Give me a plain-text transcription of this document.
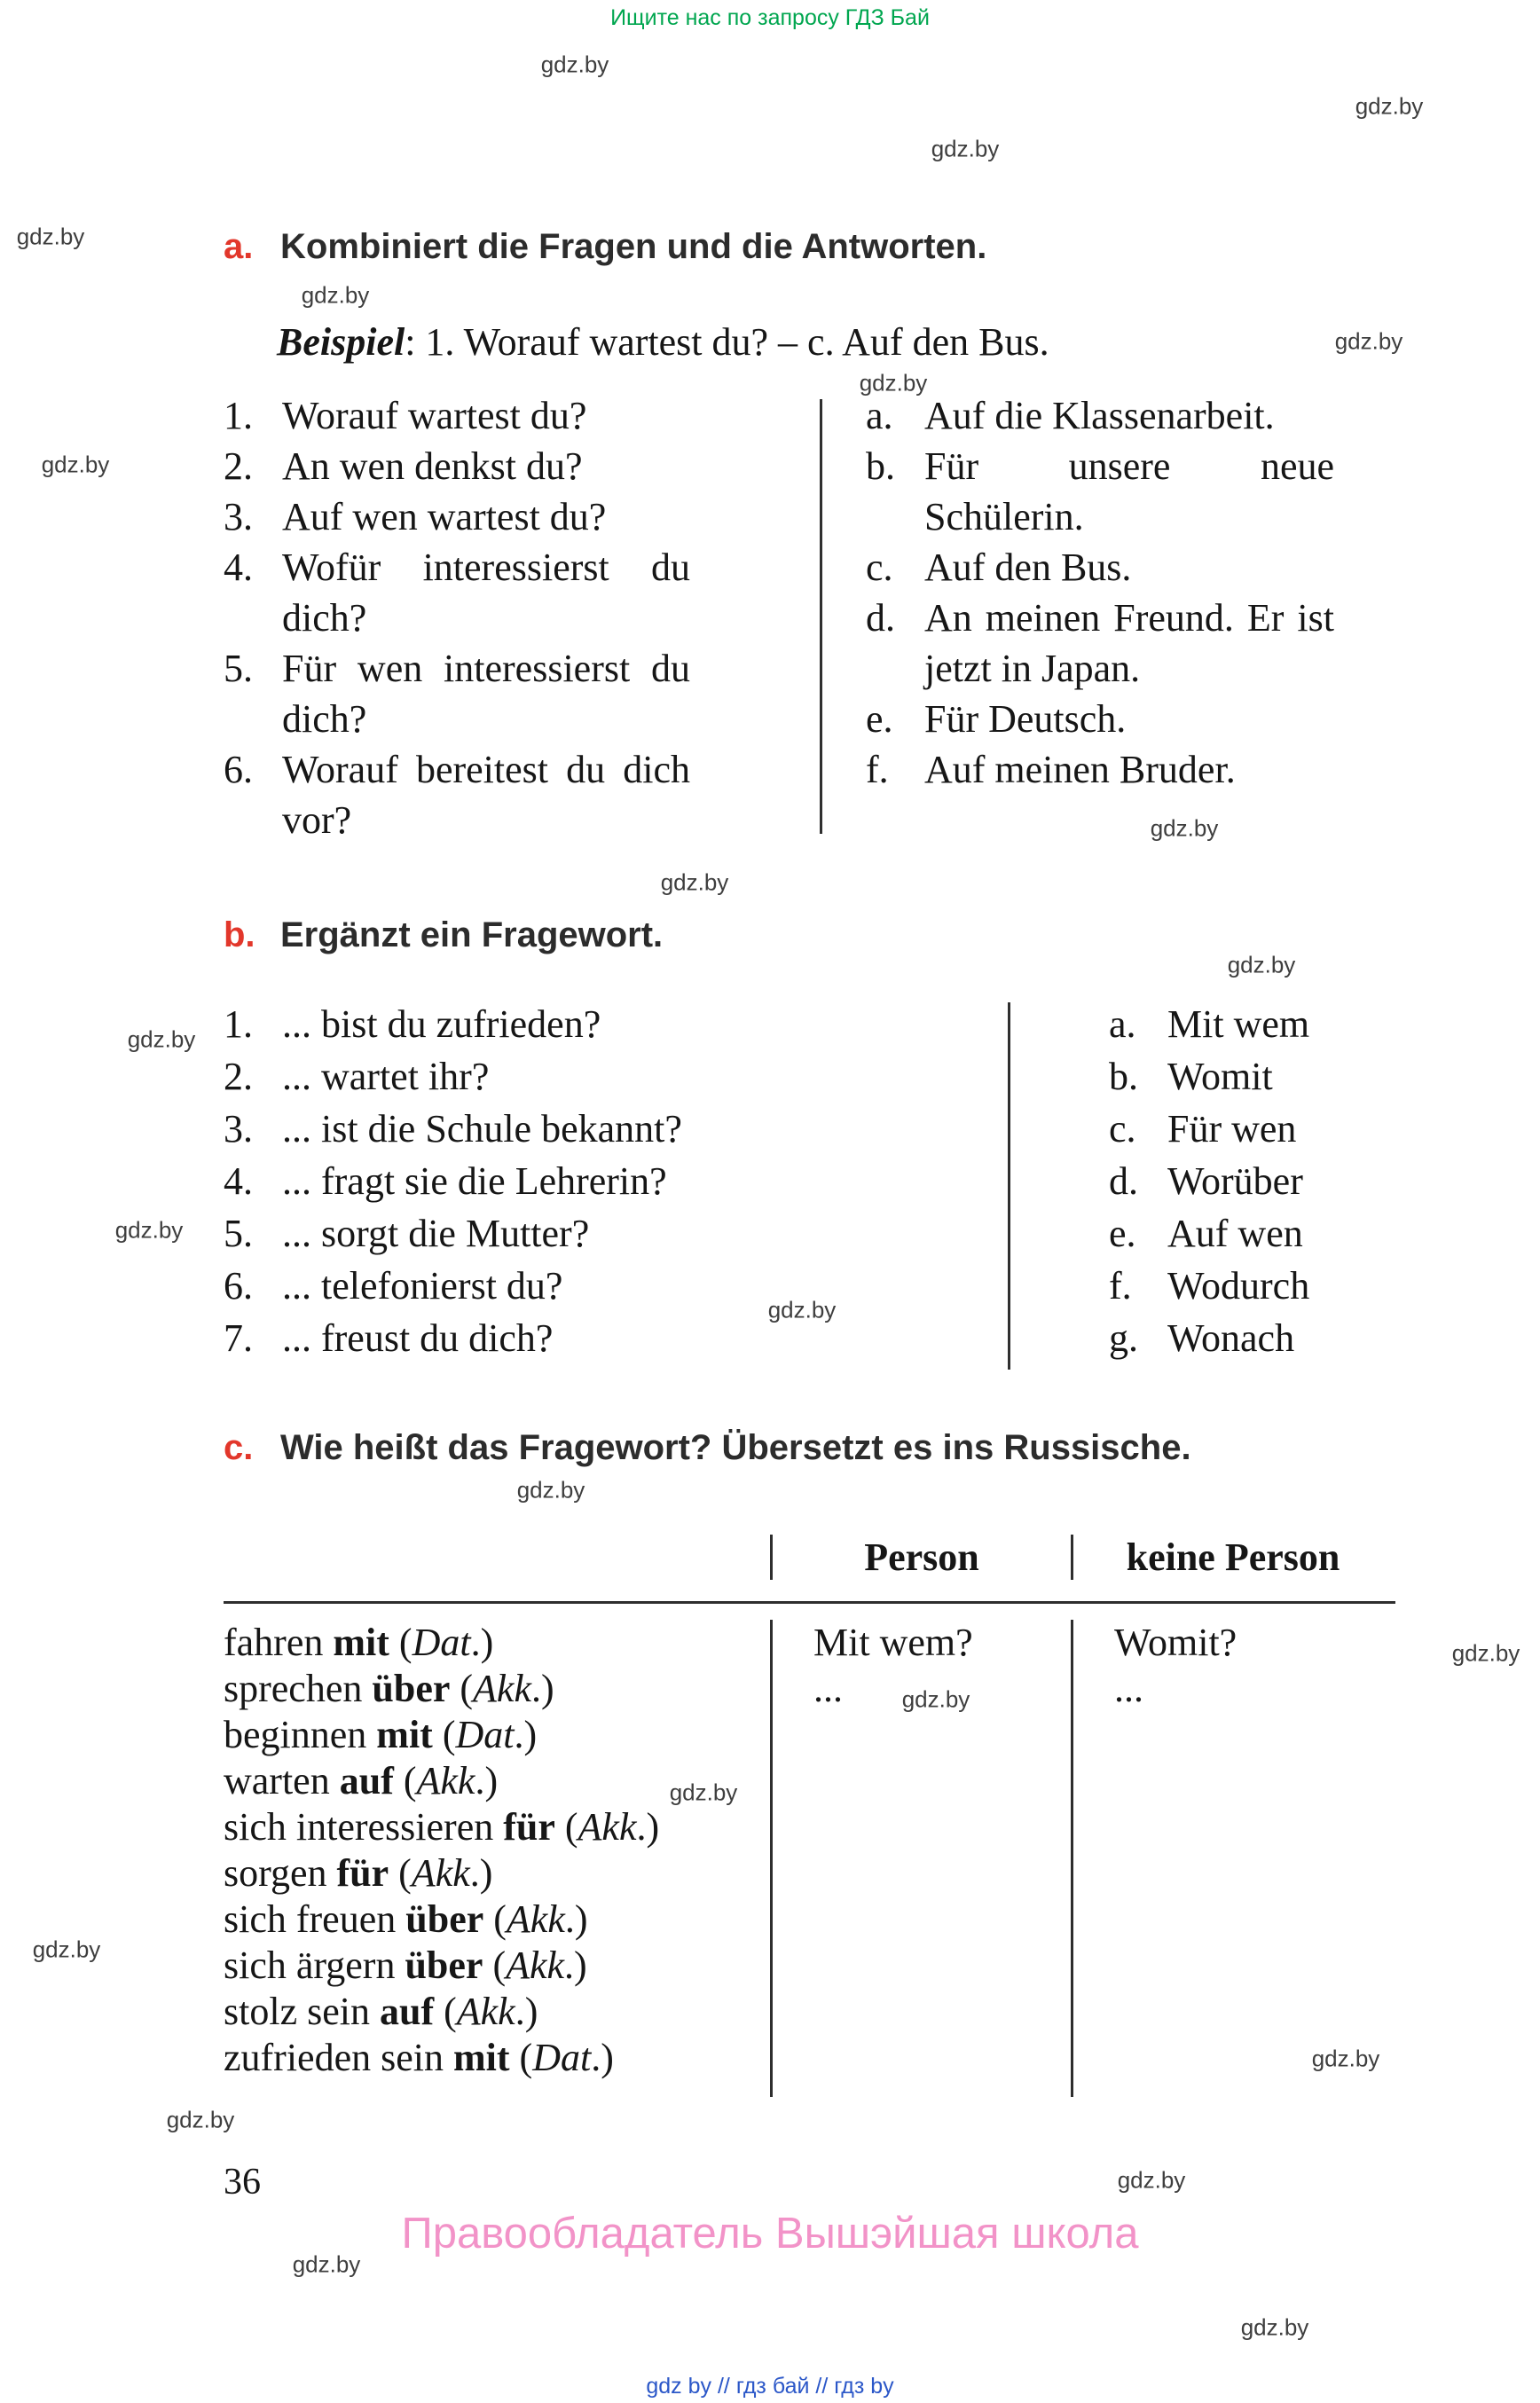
Ищите нас по запросу ГДЗ Бай
gdz.by
gdz.by
gdz.by
gdz.by
gdz.by
gdz.by
gdz.by
gdz.by
gdz.by
gdz.by
gdz.by
gdz.by
gdz.by
gdz.by
gdz.by
gdz.by
gdz.by
gdz.by
gdz.by
gdz.by
gdz.by
gdz.by
gdz.by
gdz.by
a. Kombiniert die Fragen und die Antworten.
Beispiel: 1. Worauf wartest du? – c. Auf den Bus.
1. Worauf wartest du?
2. An wen denkst du?
3. Auf wen wartest du?
4. Wofür interessierst du dich?
5. Für wen interessierst du dich?
6. Worauf bereitest du dich vor?
a. Auf die Klassenarbeit.
b. Für unsere neue Schülerin.
c. Auf den Bus.
d. An meinen Freund. Er ist jetzt in Japan.
e. Für Deutsch.
f. Auf meinen Bruder.
b. Ergänzt ein Fragewort.
1. ... bist du zufrieden?
2. ... wartet ihr?
3. ... ist die Schule bekannt?
4. ... fragt sie die Lehrerin?
5. ... sorgt die Mutter?
6. ... telefonierst du?
7. ... freust du dich?
a. Mit wem
b. Womit
c. Für wen
d. Worüber
e. Auf wen
f. Wodurch
g. Wonach
c. Wie heißt das Fragewort? Übersetzt es ins Russische.
Person	keine Person
fahren mit (Dat.)
sprechen über (Akk.)
beginnen mit (Dat.)
warten auf (Akk.)
sich interessieren für (Akk.)
sorgen für (Akk.)
sich freuen über (Akk.)
sich ärgern über (Akk.)
stolz sein auf (Akk.)
zufrieden sein mit (Dat.)
Mit wem?
...
Womit?
...
36
Правообладатель Вышэйшая школа
gdz by // гдз бай // гдз by
